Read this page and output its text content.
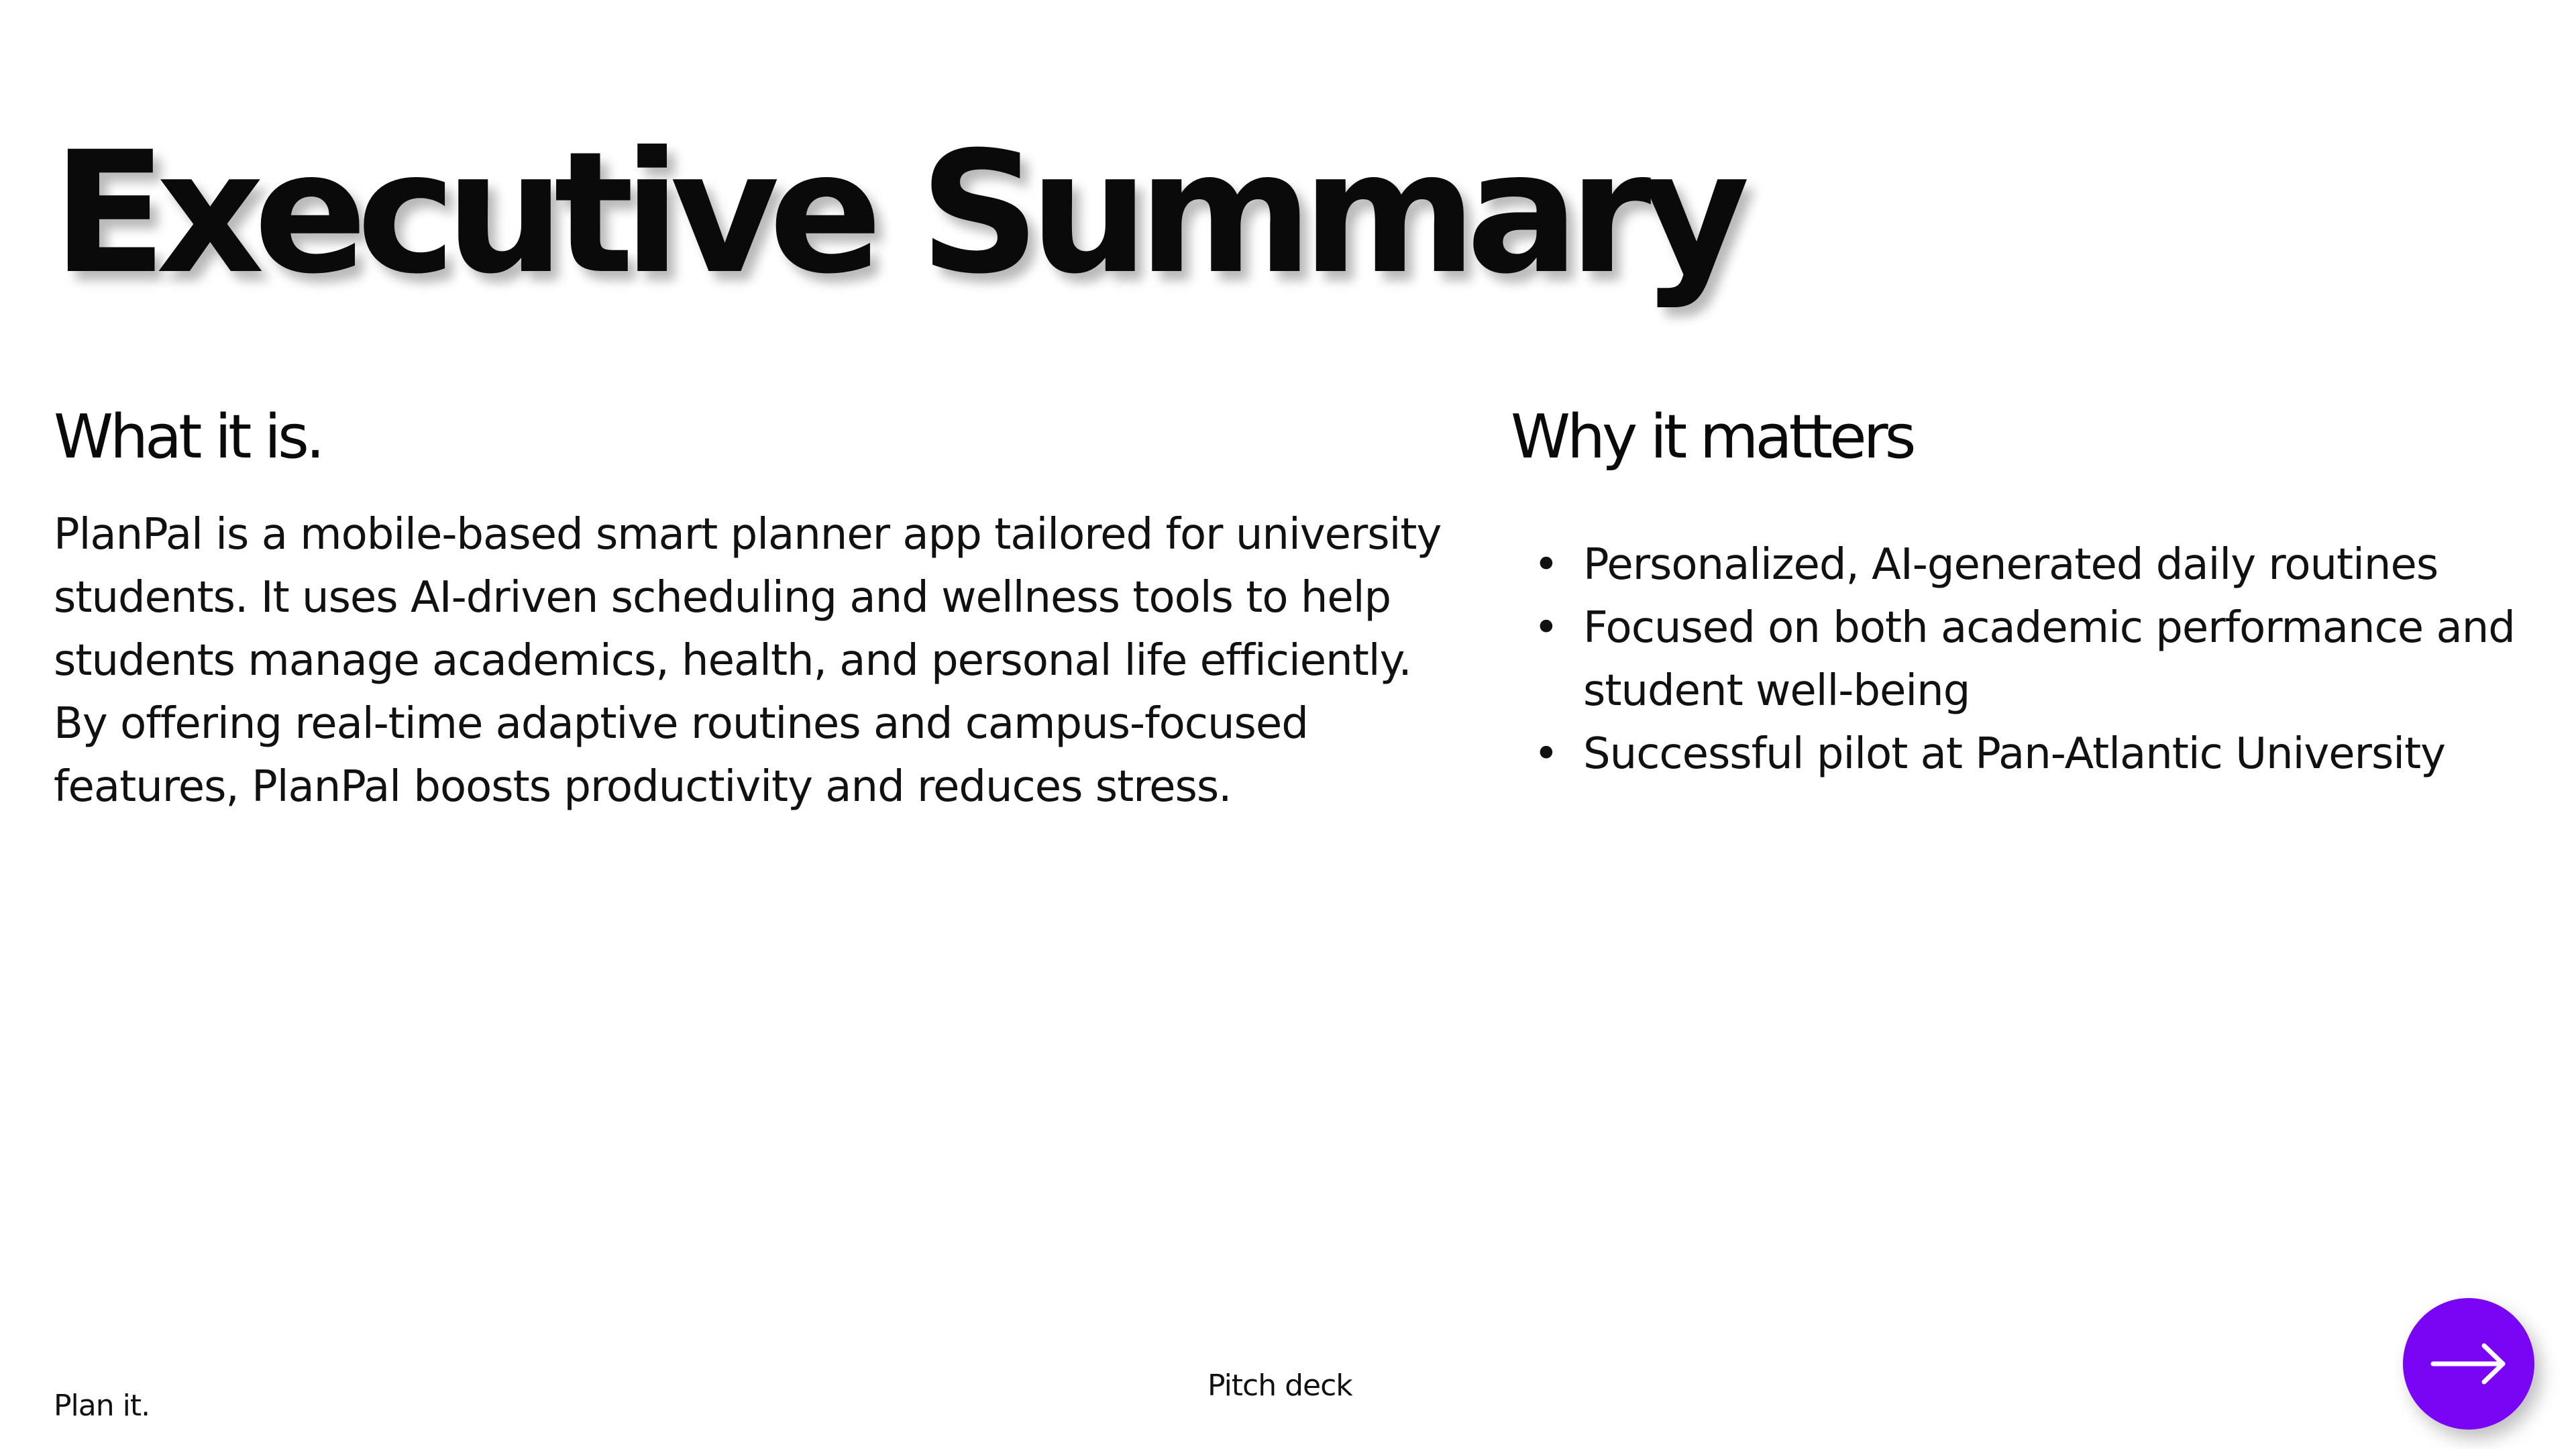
Executive Summary
What it is.

PlanPal is a mobile-based smart planner app tailored for university students. It uses AI-driven scheduling and wellness tools to help students manage academics, health, and personal life efficiently. By offering real-time adaptive routines and campus-focused features, PlanPal boosts productivity and reduces stress.

Why it matters
• Personalized, AI-generated daily routines
• Focused on both academic performance and student well-being
• Successful pilot at Pan-Atlantic University
Plan it.
Pitch deck
